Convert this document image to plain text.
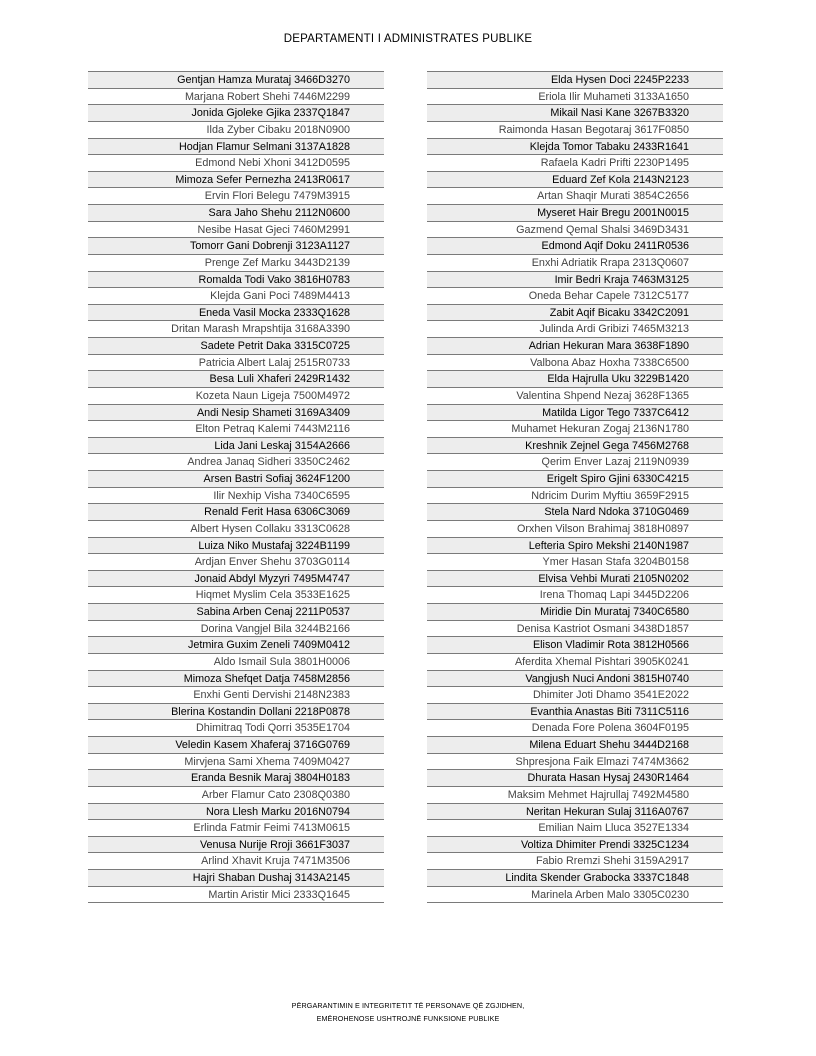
DEPARTAMENTI I ADMINISTRATES PUBLIKE
Gentjan Hamza Murataj 3466D3270
Marjana Robert Shehi 7446M2299
Jonida Gjoleke Gjika 2337Q1847
Ilda Zyber Cibaku 2018N0900
Hodjan Flamur Selmani 3137A1828
Edmond Nebi Xhoni 3412D0595
Mimoza Sefer Pernezha 2413R0617
Ervin Flori Belegu 7479M3915
Sara Jaho Shehu 2112N0600
Nesibe Hasat Gjeci 7460M2991
Tomorr Gani Dobrenji 3123A1127
Prenge Zef Marku 3443D2139
Romalda Todi Vako 3816H0783
Klejda Gani Poci 7489M4413
Eneda Vasil Mocka 2333Q1628
Dritan Marash Mrapshtija 3168A3390
Sadete Petrit Daka 3315C0725
Patricia Albert Lalaj 2515R0733
Besa Luli Xhaferi 2429R1432
Kozeta Naun Ligeja 7500M4972
Andi Nesip Shameti 3169A3409
Elton Petraq Kalemi 7443M2116
Lida Jani Leskaj 3154A2666
Andrea Janaq Sidheri 3350C2462
Arsen Bastri Sofiaj 3624F1200
Ilir Nexhip Visha 7340C6595
Renald Ferit Hasa 6306C3069
Albert Hysen Collaku 3313C0628
Luiza Niko Mustafaj 3224B1199
Ardjan Enver Shehu 3703G0114
Jonaid Abdyl Myzyri 7495M4747
Hiqmet Myslim Cela 3533E1625
Sabina Arben Cenaj 2211P0537
Dorina Vangjel Bila 3244B2166
Jetmira Guxim Zeneli 7409M0412
Aldo Ismail Sula 3801H0006
Mimoza Shefqet Datja 7458M2856
Enxhi Genti Dervishi 2148N2383
Blerina Kostandin Dollani 2218P0878
Dhimitraq Todi Qorri 3535E1704
Veledin Kasem Xhaferaj 3716G0769
Mirvjena Sami Xhema 7409M0427
Eranda Besnik Maraj 3804H0183
Arber Flamur Cato 2308Q0380
Nora Llesh Marku 2016N0794
Erlinda Fatmir Feimi 7413M0615
Venusa Nurije Rroji 3661F3037
Arlind Xhavit Kruja 7471M3506
Hajri Shaban Dushaj 3143A2145
Martin Aristir Mici 2333Q1645
Elda Hysen Doci 2245P2233
Eriola Ilir Muhameti 3133A1650
Mikail Nasi Kane 3267B3320
Raimonda Hasan Begotaraj 3617F0850
Klejda Tomor Tabaku 2433R1641
Rafaela Kadri Prifti 2230P1495
Eduard Zef Kola 2143N2123
Artan Shaqir Murati 3854C2656
Myseret Hair Bregu 2001N0015
Gazmend Qemal Shalsi 3469D3431
Edmond Aqif Doku 2411R0536
Enxhi Adriatik Rrapa 2313Q0607
Imir Bedri Kraja 7463M3125
Oneda Behar Capele 7312C5177
Zabit Aqif Bicaku 3342C2091
Julinda Ardi Gribizi 7465M3213
Adrian Hekuran Mara 3638F1890
Valbona Abaz Hoxha 7338C6500
Elda Hajrulla Uku 3229B1420
Valentina Shpend Nezaj 3628F1365
Matilda Ligor Tego 7337C6412
Muhamet Hekuran Zogaj 2136N1780
Kreshnik Zejnel Gega 7456M2768
Qerim Enver Lazaj 2119N0939
Erigelt Spiro Gjini 6330C4215
Ndricim Durim Myftiu 3659F2915
Stela Nard Ndoka 3710G0469
Orxhen Vilson Brahimaj 3818H0897
Lefteria Spiro Mekshi 2140N1987
Ymer Hasan Stafa 3204B0158
Elvisa Vehbi Murati 2105N0202
Irena Thomaq Lapi 3445D2206
Miridie Din Murataj 7340C6580
Denisa Kastriot Osmani 3438D1857
Elison Vladimir Rota 3812H0566
Aferdita Xhemal Pishtari 3905K0241
Vangjush Nuci Andoni 3815H0740
Dhimiter Joti Dhamo 3541E2022
Evanthia Anastas Biti 7311C5116
Denada Fore Polena 3604F0195
Milena Eduart Shehu 3444D2168
Shpresjona Faik Elmazi 7474M3662
Dhurata Hasan Hysaj 2430R1464
Maksim Mehmet Hajrullaj 7492M4580
Neritan Hekuran Sulaj 3116A0767
Emilian Naim Lluca 3527E1334
Voltiza Dhimiter Prendi 3325C1234
Fabio Rremzi Shehi 3159A2917
Lindita Skender Grabocka 3337C1848
Marinela Arben Malo 3305C0230
PËRGARANTIMIN E INTEGRITETIT TË PERSONAVE QË ZGJIDHEN,
EMËROHENOSE USHTROJNË FUNKSIONE PUBLIKE
